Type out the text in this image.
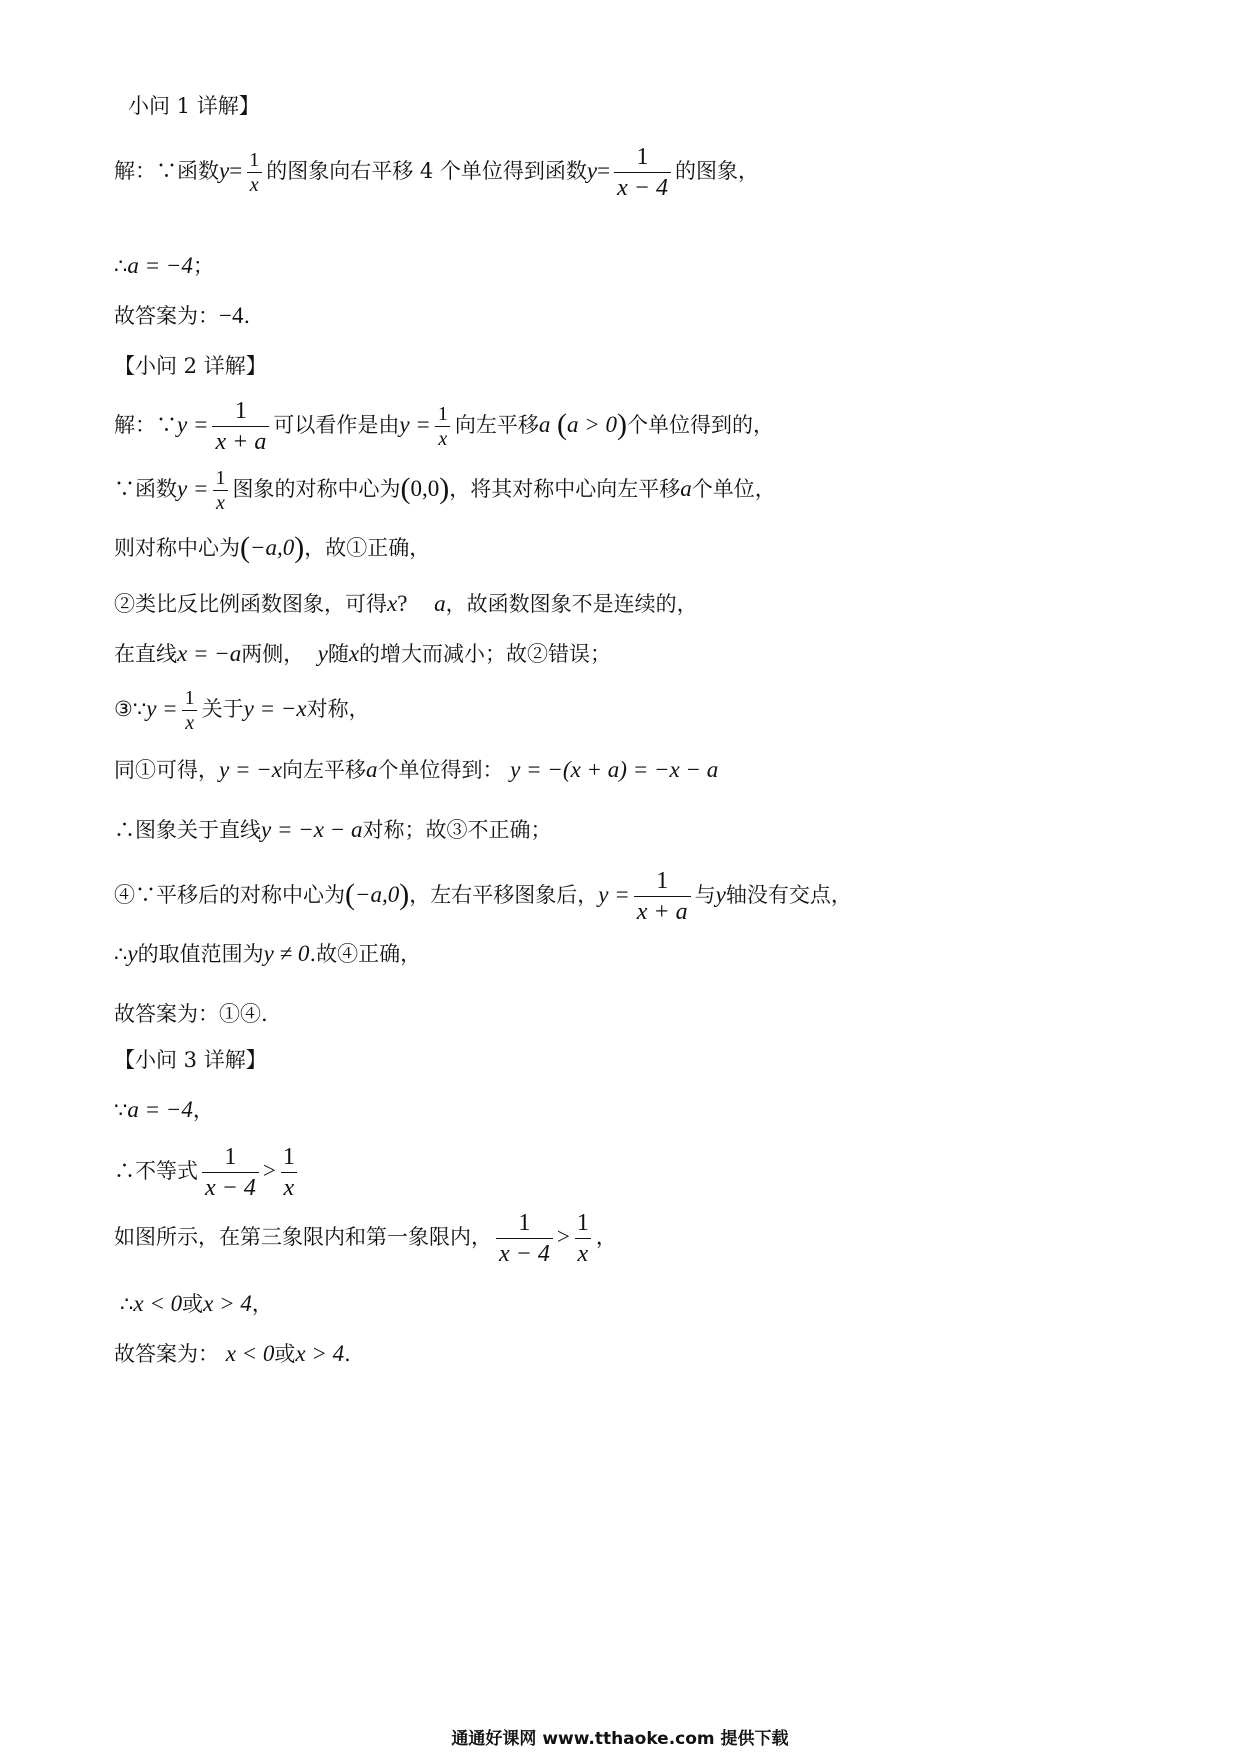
小问 1 详解】
解：∵函数$y= \frac{1}{x}$ 的图象向右平移 4 个单位得到函数$y= \frac{1}{x - 4}$ 的图象，
∴a = −4；
故答案为：−4.
【小问 2 详解】
解：∵y = $\frac{1}{x + a}$ 可以看作是由$y = \frac{1}{x}$ 向左平移a (a > 0)个单位得到的，
∵函数$y = \frac{1}{x}$ 图象的对称中心为(0,0)，将其对称中心向左平移a个单位，
则对称中心为(−a,0)，故①正确，
②类比反比例函数图象，可得x? a，故函数图象不是连续的，
在直线x = −a两侧， y随x的增大而减小；故②错误；
③∵y = $\frac{1}{x}$ 关于y = −x对称，
同①可得，y = −x向左平移a个单位得到： y = −(x + a) = −x − a
∴图象关于直线y = −x − a对称；故③不正确；
④∵平移后的对称中心为(−a,0)，左右平移图象后，$y = \frac{1}{x + a}$ 与y轴没有交点，
∴y的取值范围为y ≠ 0.故④正确，
故答案为：①④.
【小问 3 详解】
∵a = −4，
∴不等式 $\frac{1}{x - 4} > \frac{1}{x}$
如图所示，在第三象限内和第一象限内， $\frac{1}{x - 4} > \frac{1}{x}$ ，
∴x < 0或x > 4，
故答案为： x < 0或x > 4.
通通好课网 www.tthaoke.com 提供下载
